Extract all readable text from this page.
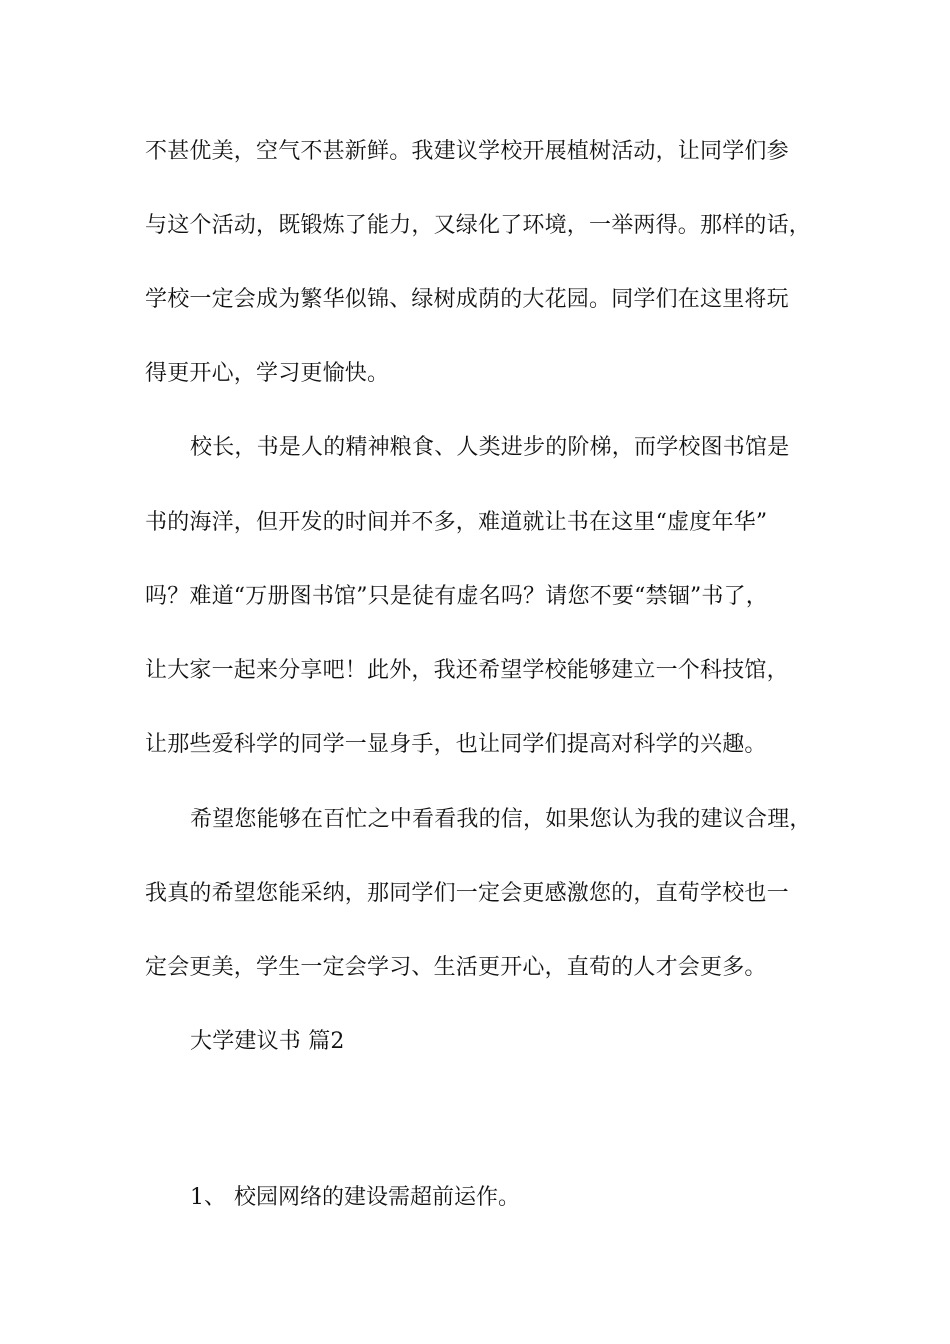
不甚优美，空气不甚新鲜。我建议学校开展植树活动，让同学们参
与这个活动，既锻炼了能力，又绿化了环境，一举两得。那样的话，
学校一定会成为繁华似锦、绿树成荫的大花园。同学们在这里将玩
得更开心，学习更愉快。
校长，书是人的精神粮食、人类进步的阶梯，而学校图书馆是
书的海洋，但开发的时间并不多，难道就让书在这里“虚度年华”
吗？难道“万册图书馆”只是徒有虚名吗？请您不要“禁锢”书了，
让大家一起来分享吧！此外，我还希望学校能够建立一个科技馆，
让那些爱科学的同学一显身手，也让同学们提高对科学的兴趣。
希望您能够在百忙之中看看我的信，如果您认为我的建议合理，
我真的希望您能采纳，那同学们一定会更感激您的，直荀学校也一
定会更美，学生一定会学习、生活更开心，直荀的人才会更多。
大学建议书 篇2
1、 校园网络的建设需超前运作。
